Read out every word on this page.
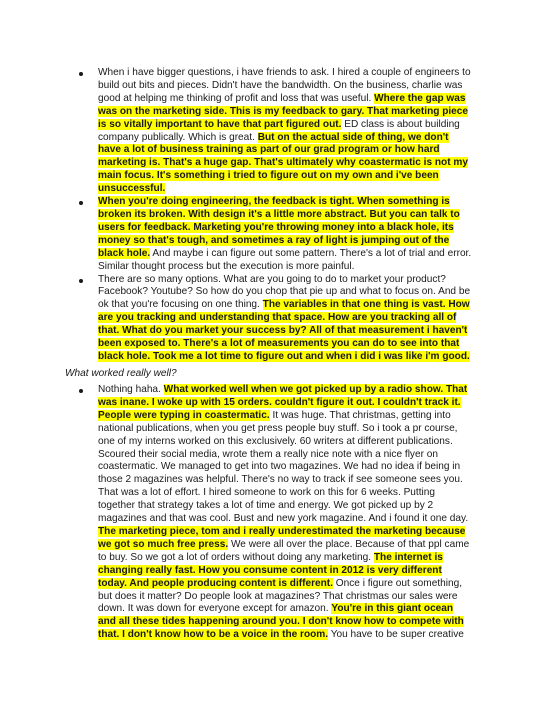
When i have bigger questions, i have friends to ask. I hired a couple of engineers to build out bits and pieces. Didn't have the bandwidth. On the business, charlie was good at helping me thinking of profit and loss that was useful. Where the gap was was on the marketing side. This is my feedback to gary. That marketing piece is so vitally important to have that part figured out. ED class is about building company publically. Which is great. But on the actual side of thing, we don't have a lot of business training as part of our grad program or how hard marketing is. That's a huge gap. That's ultimately why coastermatic is not my main focus. It's something i tried to figure out on my own and i've been unsuccessful.
When you're doing engineering, the feedback is tight. When something is broken its broken. With design it's a little more abstract. But you can talk to users for feedback. Marketing you're throwing money into a black hole, its money so that's tough, and sometimes a ray of light is jumping out of the black hole. And maybe i can figure out some pattern. There's a lot of trial and error. Similar thought process but the execution is more painful.
There are so many options. What are you going to do to market your product? Facebook? Youtube? So how do you chop that pie up and what to focus on. And be ok that you're focusing on one thing. The variables in that one thing is vast. How are you tracking and understanding that space. How are you tracking all of that. What do you market your success by? All of that measurement i haven't been exposed to. There's a lot of measurements you can do to see into that black hole. Took me a lot time to figure out and when i did i was like i'm good.
What worked really well?
Nothing haha. What worked well when we got picked up by a radio show. That was inane. I woke up with 15 orders. couldn't figure it out. I couldn't track it. People were typing in coastermatic. It was huge. That christmas, getting into national publications, when you get press people buy stuff. So i took a pr course, one of my interns worked on this exclusively. 60 writers at different publications. Scoured their social media, wrote them a really nice note with a nice flyer on coastermatic. We managed to get into two magazines. We had no idea if being in those 2 magazines was helpful. There's no way to track if see someone sees you. That was a lot of effort. I hired someone to work on this for 6 weeks. Putting together that strategy takes a lot of time and energy. We got picked up by 2 magazines and that was cool. Bust and new york magazine. And i found it one day. The marketing piece, tom and i really underestimated the marketing because we got so much free press. We were all over the place. Because of that ppl came to buy. So we got a lot of orders without doing any marketing. The internet is changing really fast. How you consume content in 2012 is very different today. And people producing content is different. Once i figure out something, but does it matter? Do people look at magazines? That christmas our sales were down. It was down for everyone except for amazon. You're in this giant ocean and all these tides happening around you. I don't know how to compete with that. I don't know how to be a voice in the room. You have to be super creative
